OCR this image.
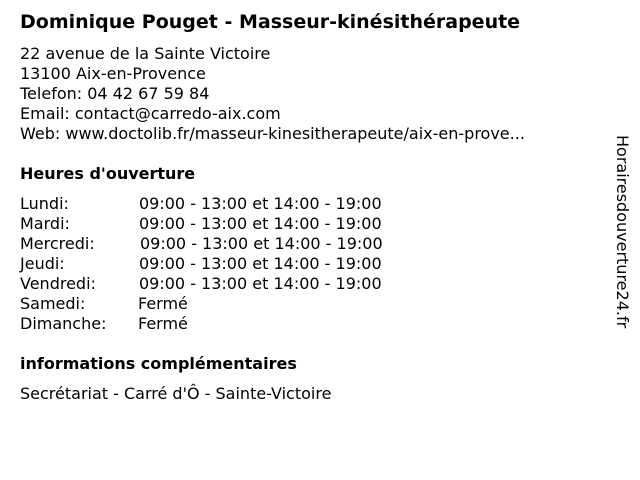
Dominique Pouget - Masseur-kinésithérapeute
22 avenue de la Sainte Victoire
13100 Aix-en-Provence
Telefon: 04 42 67 59 84
Email: contact@carredo-aix.com
Web: www.doctolib.fr/masseur-kinesitherapeute/aix-en-prove...
Heures d'ouverture
Lundi:	09:00 - 13:00 et 14:00 - 19:00
Mardi:	09:00 - 13:00 et 14:00 - 19:00
Mercredi:	09:00 - 13:00 et 14:00 - 19:00
Jeudi:	09:00 - 13:00 et 14:00 - 19:00
Vendredi:	09:00 - 13:00 et 14:00 - 19:00
Samedi:	Fermé
Dimanche: Fermé
informations complémentaires
Secrétariat - Carré d'Ô - Sainte-Victoire
Horairesdouverture24.fr
